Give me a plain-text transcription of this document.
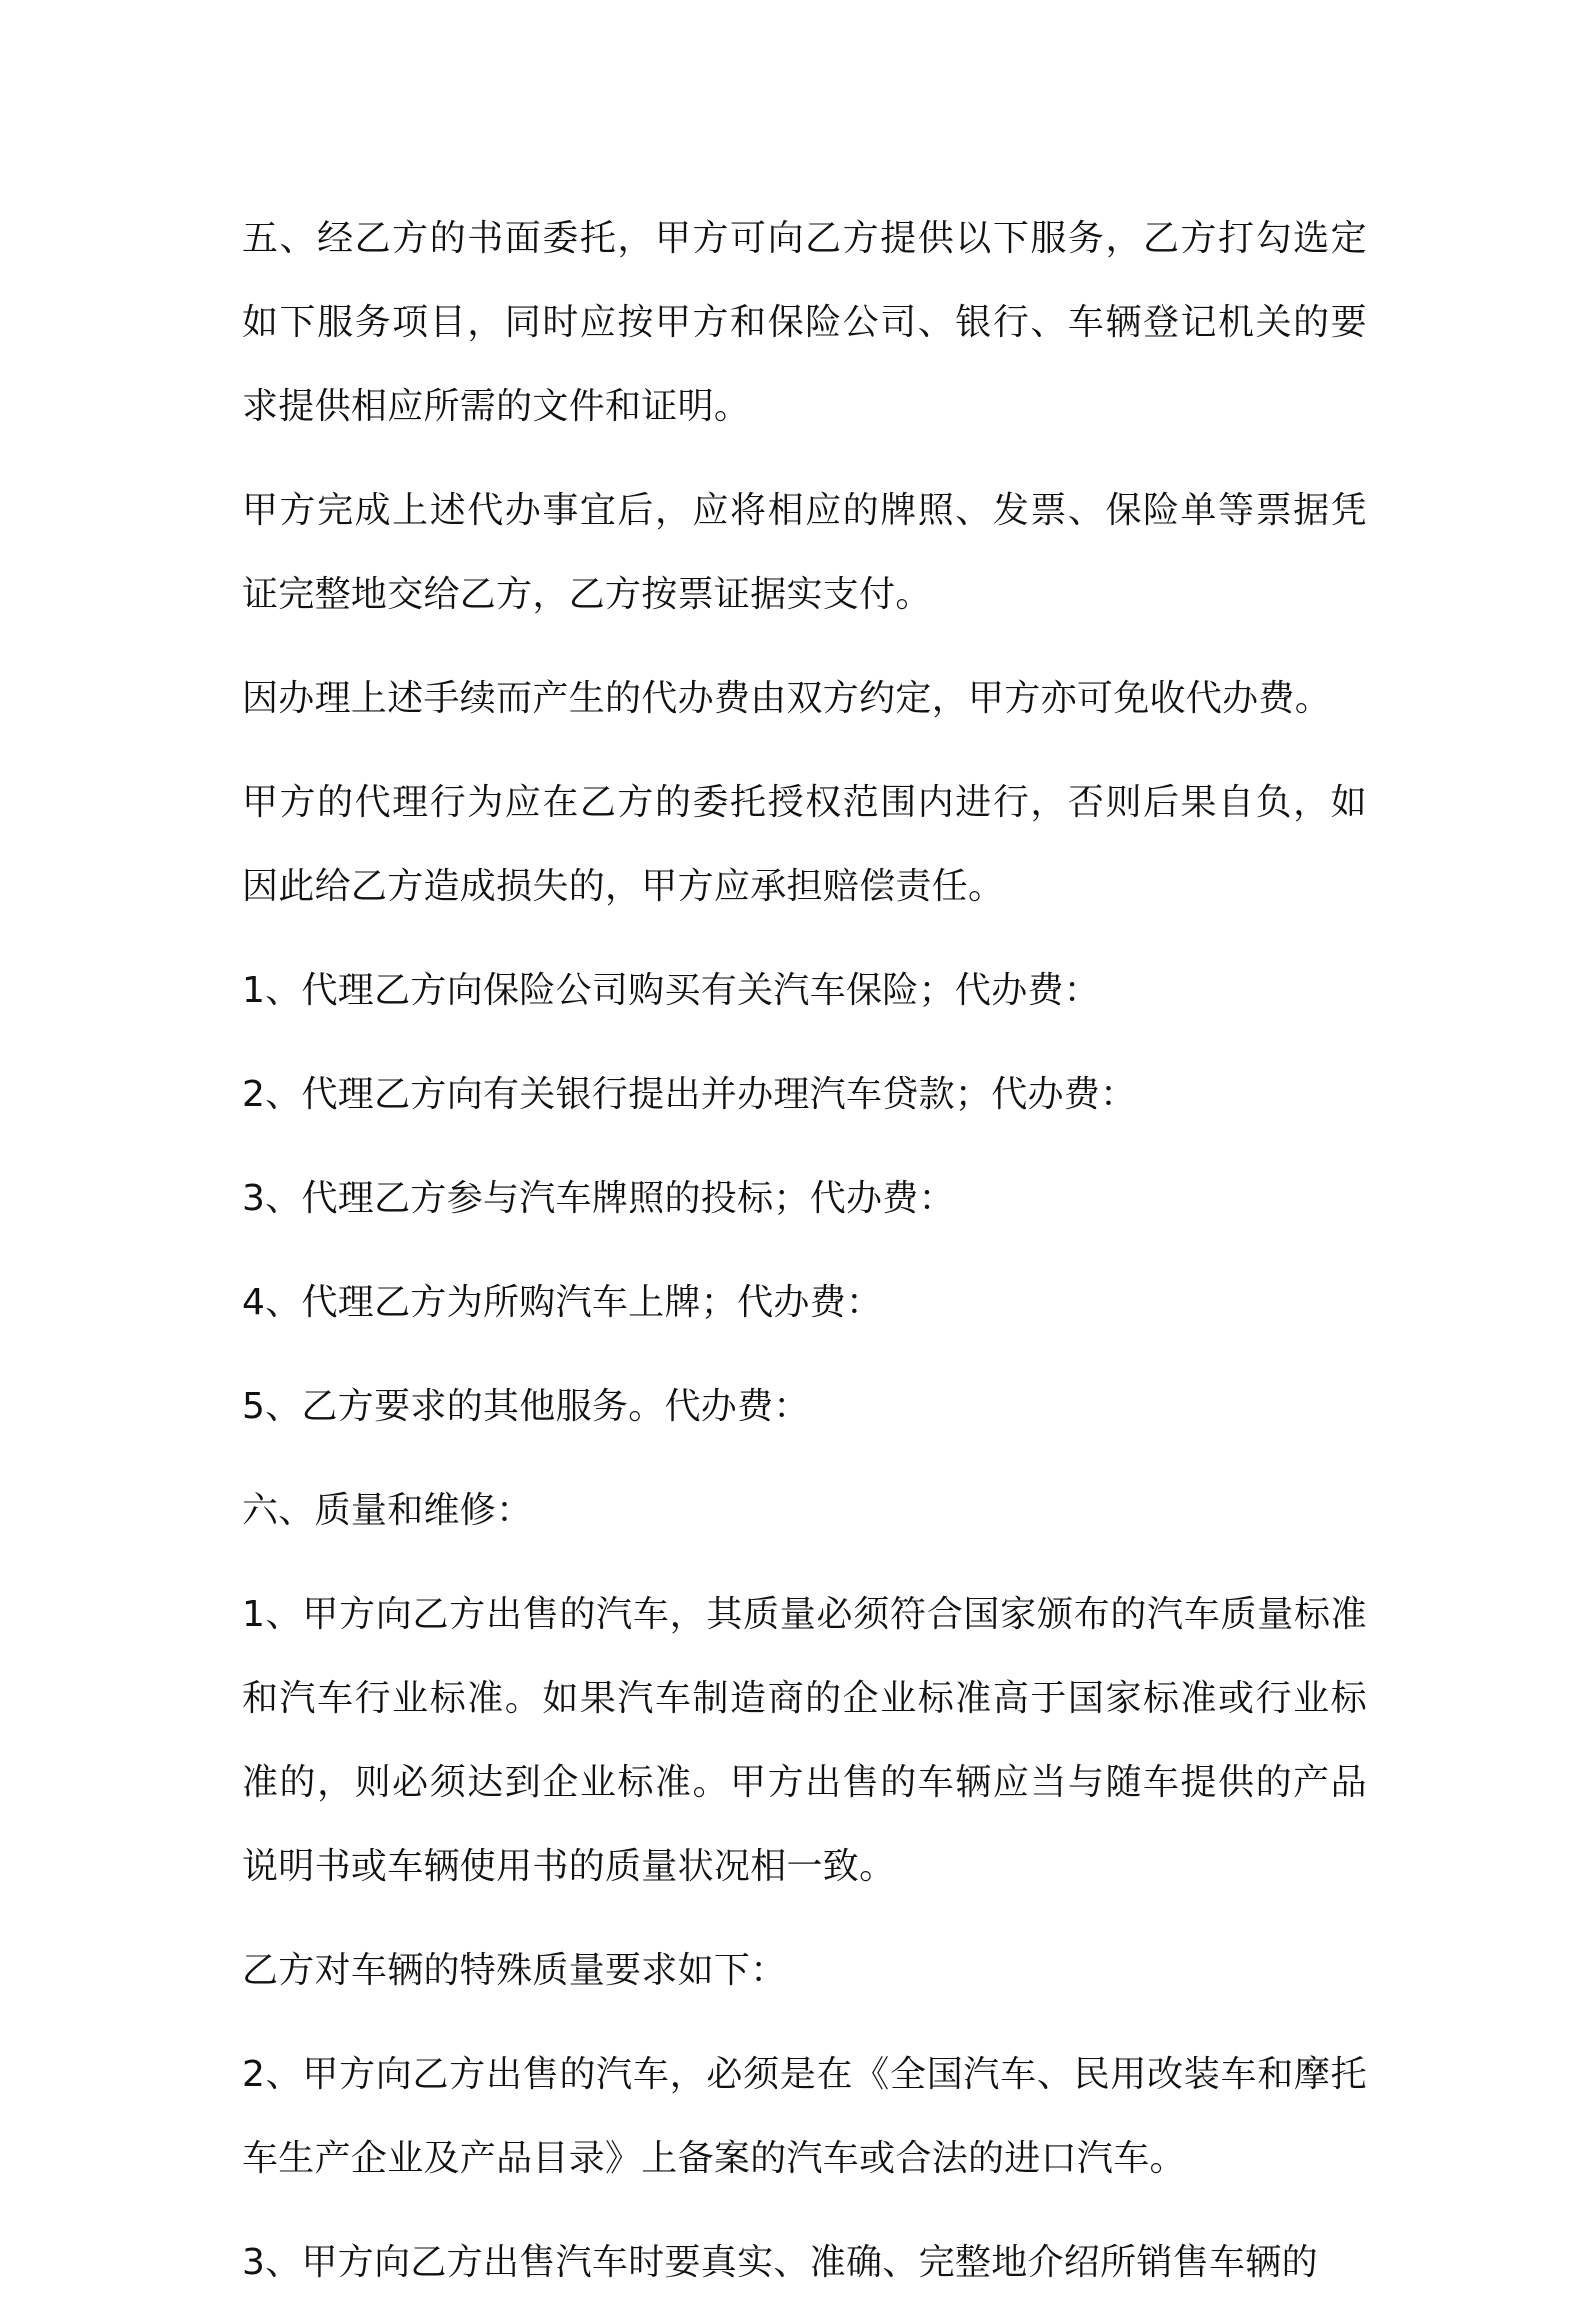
五、经乙方的书面委托，甲方可向乙方提供以下服务，乙方打勾选定如下服务项目，同时应按甲方和保险公司、银行、车辆登记机关的要求提供相应所需的文件和证明。

甲方完成上述代办事宜后，应将相应的牌照、发票、保险单等票据凭证完整地交给乙方，乙方按票证据实支付。

因办理上述手续而产生的代办费由双方约定，甲方亦可免收代办费。

甲方的代理行为应在乙方的委托授权范围内进行，否则后果自负，如因此给乙方造成损失的，甲方应承担赔偿责任。

1、代理乙方向保险公司购买有关汽车保险；代办费：

2、代理乙方向有关银行提出并办理汽车贷款；代办费：

3、代理乙方参与汽车牌照的投标；代办费：

4、代理乙方为所购汽车上牌；代办费：

5、乙方要求的其他服务。代办费：

六、质量和维修：

1、甲方向乙方出售的汽车，其质量必须符合国家颁布的汽车质量标准和汽车行业标准。如果汽车制造商的企业标准高于国家标准或行业标准的，则必须达到企业标准。甲方出售的车辆应当与随车提供的产品说明书或车辆使用书的质量状况相一致。

乙方对车辆的特殊质量要求如下：

2、甲方向乙方出售的汽车，必须是在《全国汽车、民用改装车和摩托车生产企业及产品目录》上备案的汽车或合法的进口汽车。

3、甲方向乙方出售汽车时要真实、准确、完整地介绍所销售车辆的
